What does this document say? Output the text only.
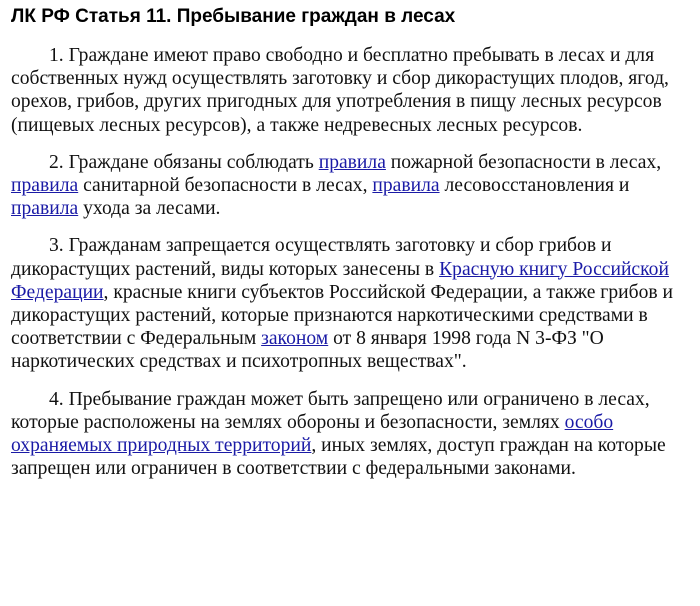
ЛК РФ Статья 11. Пребывание граждан в лесах

1. Граждане имеют право свободно и бесплатно пребывать в лесах и для собственных нужд осуществлять заготовку и сбор дикорастущих плодов, ягод, орехов, грибов, других пригодных для употребления в пищу лесных ресурсов (пищевых лесных ресурсов), а также недревесных лесных ресурсов.

2. Граждане обязаны соблюдать правила пожарной безопасности в лесах, правила санитарной безопасности в лесах, правила лесовосстановления и правила ухода за лесами.

3. Гражданам запрещается осуществлять заготовку и сбор грибов и дикорастущих растений, виды которых занесены в Красную книгу Российской Федерации, красные книги субъектов Российской Федерации, а также грибов и дикорастущих растений, которые признаются наркотическими средствами в соответствии с Федеральным законом от 8 января 1998 года N 3-ФЗ "О наркотических средствах и психотропных веществах".

4. Пребывание граждан может быть запрещено или ограничено в лесах, которые расположены на землях обороны и безопасности, землях особо охраняемых природных территорий, иных землях, доступ граждан на которые запрещен или ограничен в соответствии с федеральными законами.
